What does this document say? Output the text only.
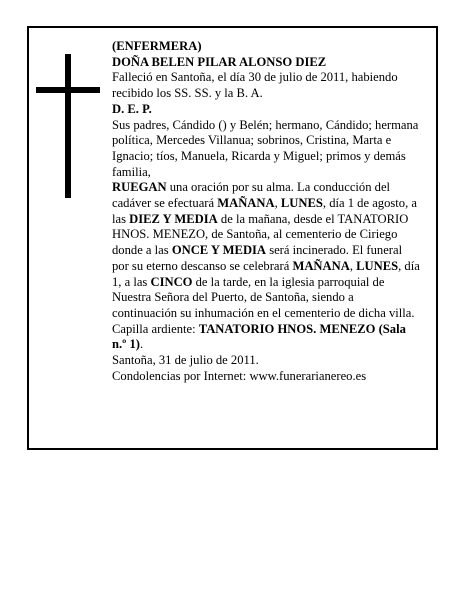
(ENFERMERA)

DOÑA BELEN PILAR ALONSO DIEZ

Falleció en Santoña, el día 30 de julio de 2011, habiendo recibido los SS. SS. y la B. A.

D. E. P.

Sus padres, Cándido () y Belén; hermano, Cándido; hermana política, Mercedes Villanua; sobrinos, Cristina, Marta e Ignacio; tíos, Manuela, Ricarda y Miguel; primos y demás familia,

RUEGAN una oración por su alma. La conducción del cadáver se efectuará MAÑANA, LUNES, día 1 de agosto, a las DIEZ Y MEDIA de la mañana, desde el TANATORIO HNOS. MENEZO, de Santoña, al cementerio de Ciriego donde a las ONCE Y MEDIA será incinerado. El funeral por su eterno descanso se celebrará MAÑANA, LUNES, día 1, a las CINCO de la tarde, en la iglesia parroquial de Nuestra Señora del Puerto, de Santoña, siendo a continuación su inhumación en el cementerio de dicha villa.

Capilla ardiente: TANATORIO HNOS. MENEZO (Sala n.º 1).

Santoña, 31 de julio de 2011.

Condolencias por Internet: www.funerarianereo.es
